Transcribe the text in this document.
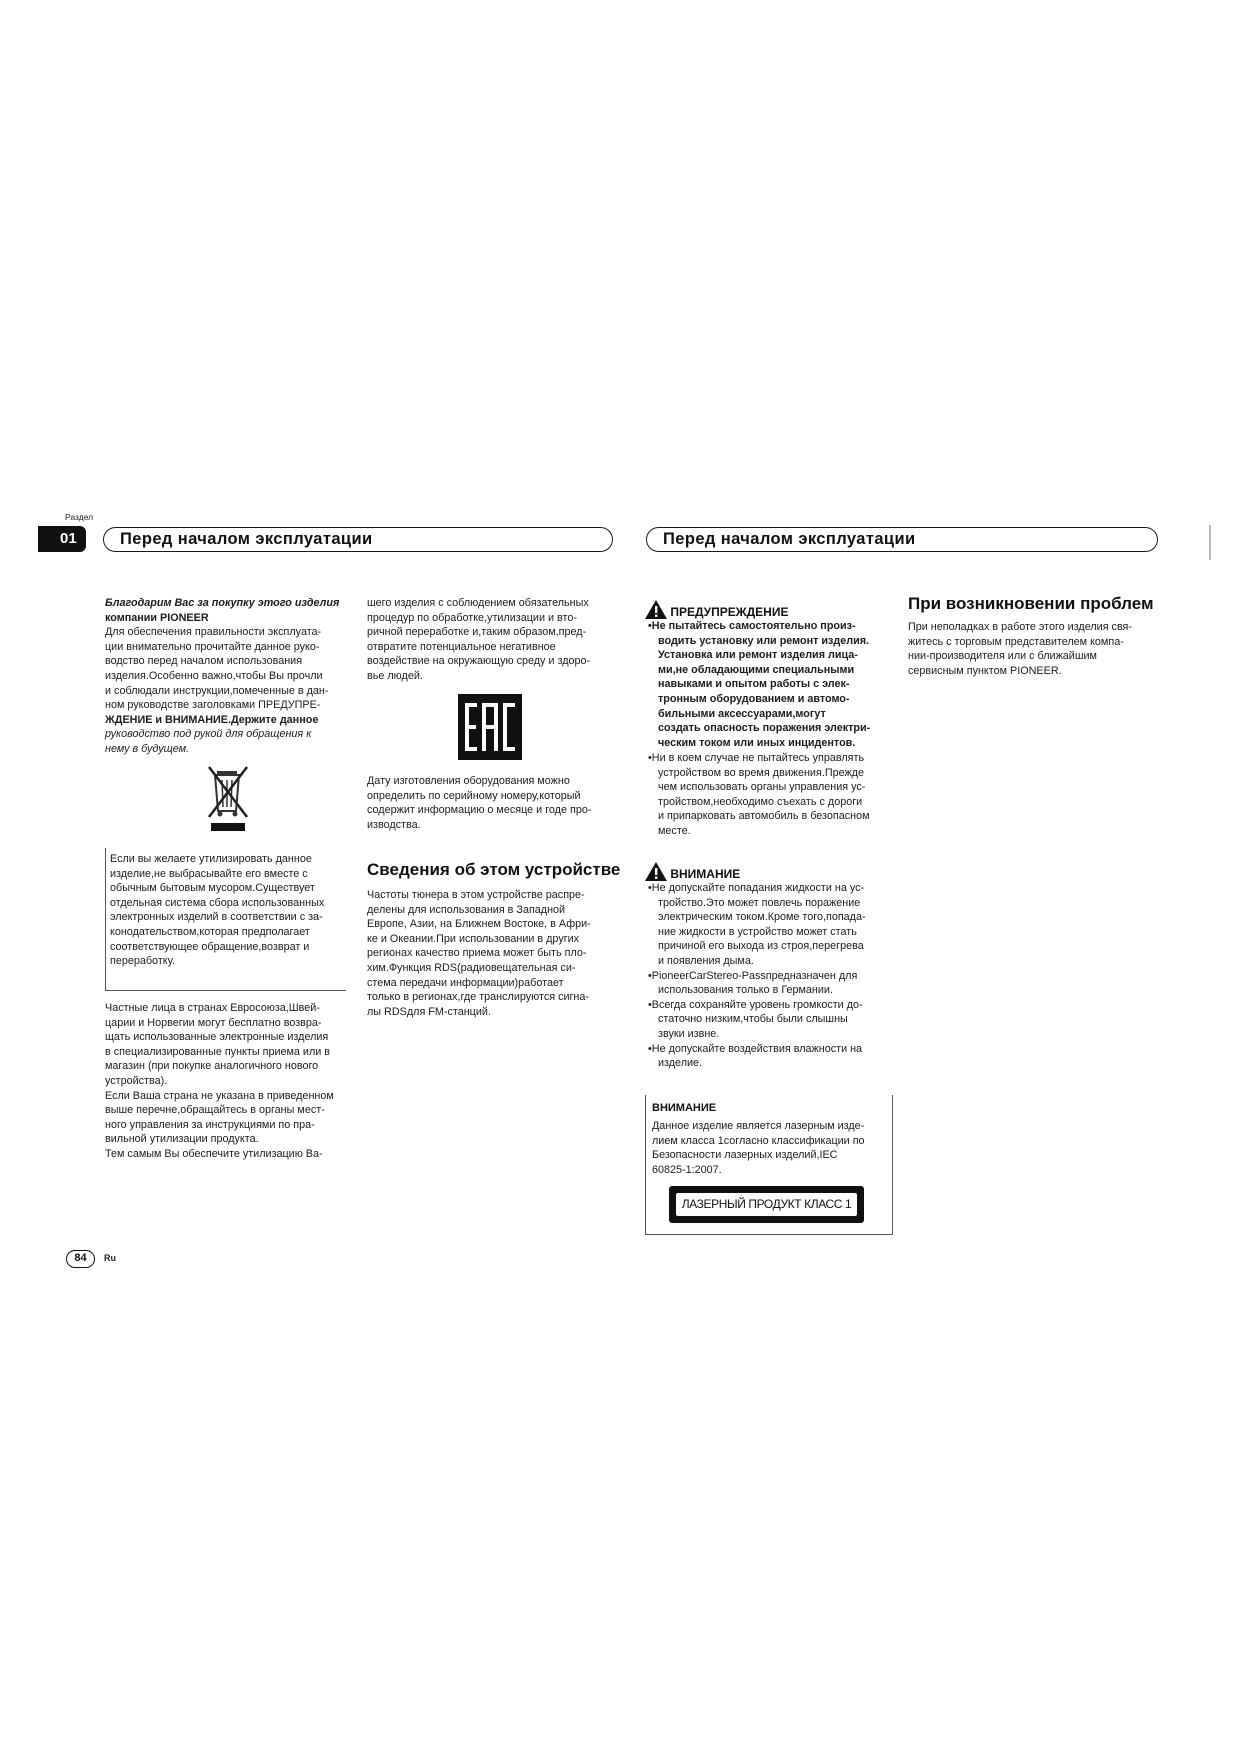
Раздел
01	Перед началом эксплуатации	Перед началом эксплуатации
Благодарим Вас за покупку этого изделия
компании PIONEER
Для обеспечения правильности эксплуата-
ции внимательно прочитайте данное руко-
водство перед началом использования
изделия.Особенно важно,чтобы Вы прочли
и соблюдали инструкции,помеченные в дан-
ном руководстве заголовками ПРЕДУПРЕ-
ЖДЕНИЕ и ВНИМАНИЕ.Держите данное
руководство под рукой для обращения к
нему в будущем.
Если вы желаете утилизировать данное
изделие,не выбрасывайте его вместе с
обычным бытовым мусором.Существует
отдельная система сбора использованных
электронных изделий в соответствии с за-
конодательством,которая предполагает
соответствующее обращение,возврат и
переработку.
Частные лица в странах Евросоюза,Швей-
царии и Норвегии могут бесплатно возвра-
щать использованные электронные изделия
в специализированные пункты приема или в
магазин (при покупке аналогичного нового
устройства).
Если Ваша страна не указана в приведенном
выше перечне,обращайтесь в органы мест-
ного управления за инструкциями по пра-
вильной утилизации продукта.
Тем самым Вы обеспечите утилизацию Ва-
шего изделия с соблюдением обязательных
процедур по обработке,утилизации и вто-
ричной переработке и,таким образом,пред-
отвратите потенциальное негативное
воздействие на окружающую среду и здоро-
вье людей.
Дату изготовления оборудования можно
определить по серийному номеру,который
содержит информацию о месяце и годе про-
изводства.
Сведения об этом устройстве
Частоты тюнера в этом устройстве распре-
делены для использования в Западной
Европе, Азии, на Ближнем Востоке, в Афри-
ке и Океании.При использовании в других
регионах качество приема может быть пло-
хим.Функция RDS(радиовещательная си-
стема передачи информации)работает
только в регионах,где транслируются сигна-
лы RDSдля FM-станций.
ПРЕДУПРЕЖДЕНИЕ
•Не пытайтесь самостоятельно произ-
водить установку или ремонт изделия.
Установка или ремонт изделия лица-
ми,не обладающими специальными
навыками и опытом работы с элек-
тронным оборудованием и автомо-
бильными аксессуарами,могут
создать опасность поражения электри-
ческим током или иных инцидентов.
•Ни в коем случае не пытайтесь управлять
устройством во время движения.Прежде
чем использовать органы управления ус-
тройством,необходимо съехать с дороги
и припарковать автомобиль в безопасном
месте.
ВНИМАНИЕ
•Не допускайте попадания жидкости на ус-
тройство.Это может повлечь поражение
электрическим током.Кроме того,попада-
ние жидкости в устройство может стать
причиной его выхода из строя,перегрева
и появления дыма.
•PioneerCarStereo-Passпредназначен для
использования только в Германии.
•Всегда сохраняйте уровень громкости до-
статочно низким,чтобы были слышны
звуки извне.
•Не допускайте воздействия влажности на
изделие.
ВНИМАНИЕ
Данное изделие является лазерным изде-
лием класса 1согласно классификации по
Безопасности лазерных изделий,IEC
60825-1:2007.
ЛАЗЕРНЫЙ ПРОДУКТ КЛАСС 1
При возникновении проблем
При неполадках в работе этого изделия свя-
житесь с торговым представителем компа-
нии-производителя или с ближайшим
сервисным пунктом PIONEER.
84	Ru
